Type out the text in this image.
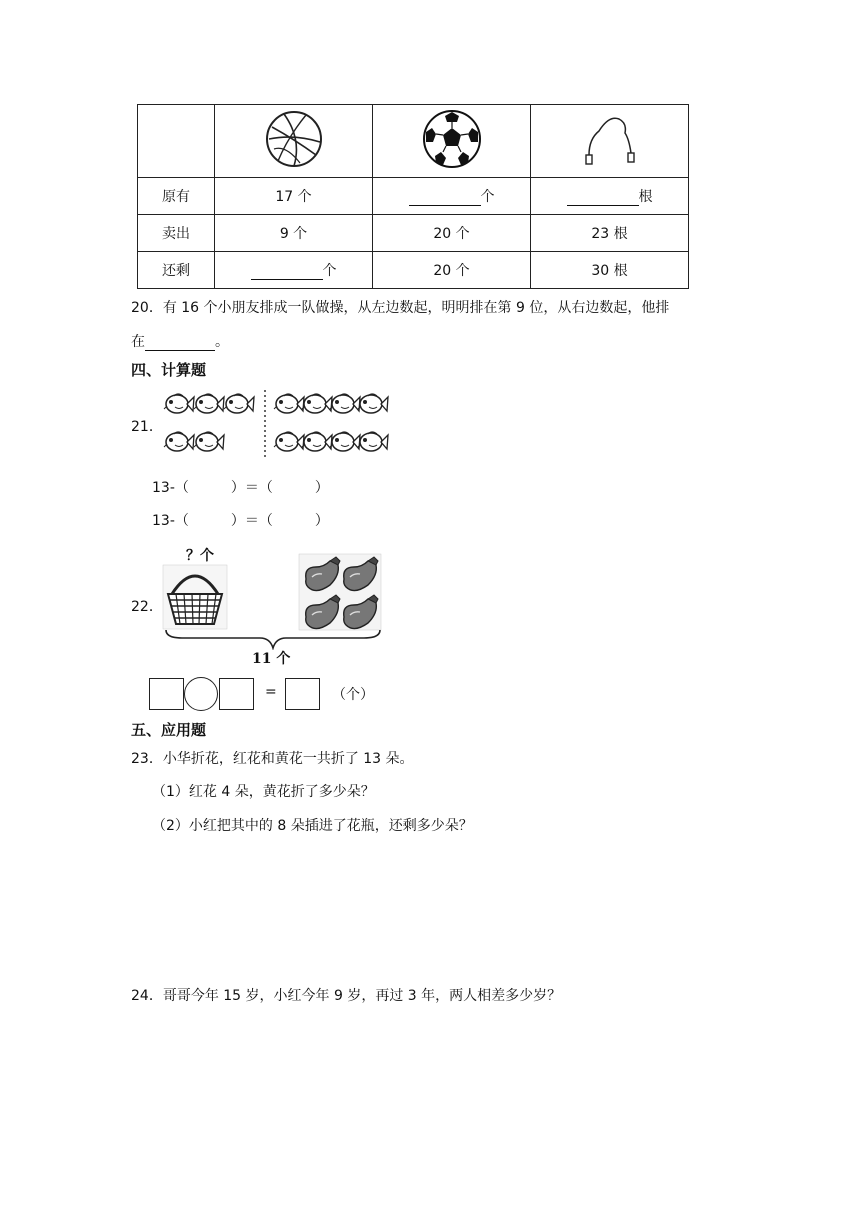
原有	17 个	个	根
卖出	9 个	20 个	23 根
还剩	个	20 个	30 根
20．有 16 个小朋友排成一队做操，从左边数起，明明排在第 9 位，从右边数起，他排
在	。
四、计算题
21．
13-（　　　）＝（　　　）
13-（　　　）＝（　　　）
22．
？个
11 个
=	（个）
五、应用题
23．小华折花，红花和黄花一共折了 13 朵。
（1）红花 4 朵，黄花折了多少朵？
（2）小红把其中的 8 朵插进了花瓶，还剩多少朵？
24．哥哥今年 15 岁，小红今年 9 岁，再过 3 年，两人相差多少岁？
